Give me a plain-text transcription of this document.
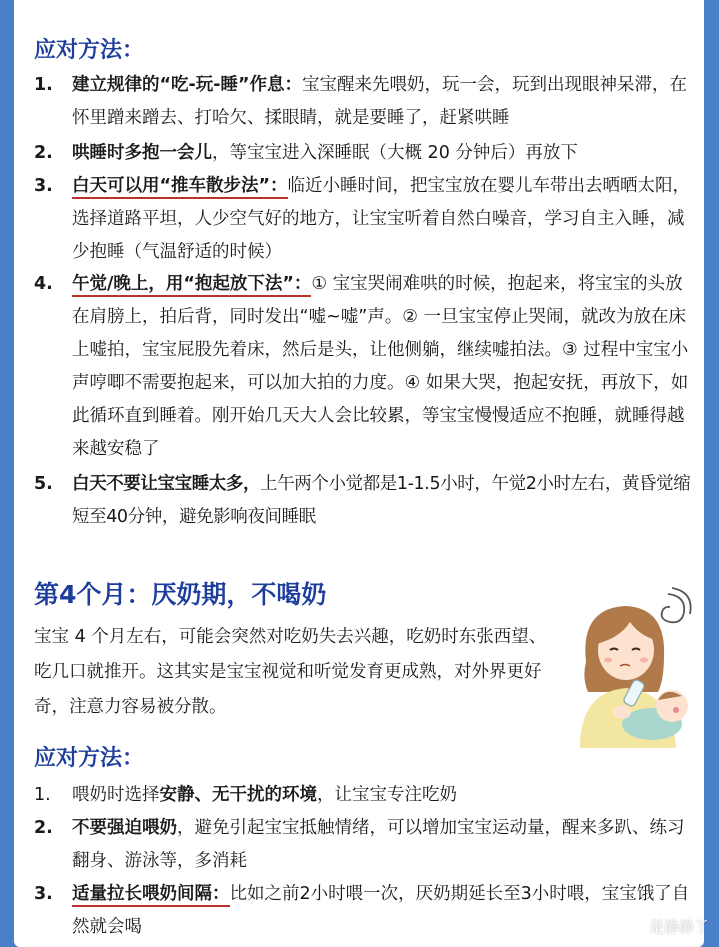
应对方法：
1.	建立规律的“吃-玩-睡”作息：宝宝醒来先喂奶，玩一会，玩到出现眼神呆滞，在怀里蹭来蹭去、打哈欠、揉眼睛，就是要睡了，赶紧哄睡
2.	哄睡时多抱一会儿，等宝宝进入深睡眠（大概 20 分钟后）再放下
3.	白天可以用“推车散步法”：临近小睡时间，把宝宝放在婴儿车带出去晒晒太阳，选择道路平坦，人少空气好的地方，让宝宝听着自然白噪音，学习自主入睡，减少抱睡（气温舒适的时候）
4.	午觉/晚上，用“抱起放下法”：① 宝宝哭闹难哄的时候，抱起来，将宝宝的头放在肩膀上，拍后背，同时发出“嘘~嘘”声。② 一旦宝宝停止哭闹，就改为放在床上嘘拍，宝宝屁股先着床，然后是头，让他侧躺，继续嘘拍法。③ 过程中宝宝小声哼唧不需要抱起来，可以加大拍的力度。④ 如果大哭，抱起安抚，再放下，如此循环直到睡着。刚开始几天大人会比较累，等宝宝慢慢适应不抱睡，就睡得越来越安稳了
5.	白天不要让宝宝睡太多，上午两个小觉都是1-1.5小时，午觉2小时左右，黄昏觉缩短至40分钟，避免影响夜间睡眠
第4个月：厌奶期，不喝奶
宝宝 4 个月左右，可能会突然对吃奶失去兴趣，吃奶时东张西望、吃几口就推开。这其实是宝宝视觉和听觉发育更成熟，对外界更好奇，注意力容易被分散。
应对方法：
1.	喂奶时选择安静、无干扰的环境，让宝宝专注吃奶
2.	不要强迫喂奶，避免引起宝宝抵触情绪，可以增加宝宝运动量，醒来多趴、练习翻身、游泳等，多消耗
3.	适量拉长喂奶间隔：比如之前2小时喂一次，厌奶期延长至3小时喂，宝宝饿了自然就会喝	是静静丫
